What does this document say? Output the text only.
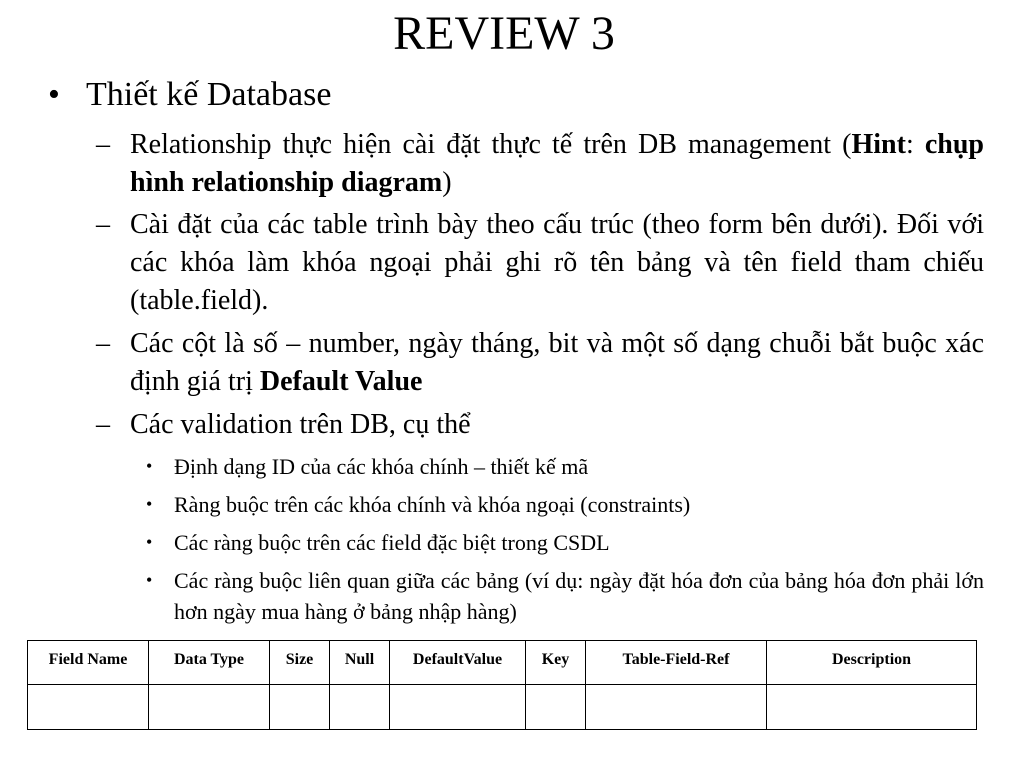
REVIEW 3
• Thiết kế Database
– Relationship thực hiện cài đặt thực tế trên DB management (Hint: chụp hình relationship diagram)
– Cài đặt của các table trình bày theo cấu trúc (theo form bên dưới). Đối với các khóa làm khóa ngoại phải ghi rõ tên bảng và tên field tham chiếu (table.field).
– Các cột là số – number, ngày tháng, bit và một số dạng chuỗi bắt buộc xác định giá trị Default Value
– Các validation trên DB, cụ thể
• Định dạng ID của các khóa chính – thiết kế mã
• Ràng buộc trên các khóa chính và khóa ngoại (constraints)
• Các ràng buộc trên các field đặc biệt trong CSDL
• Các ràng buộc liên quan giữa các bảng (ví dụ: ngày đặt hóa đơn của bảng hóa đơn phải lớn hơn ngày mua hàng ở bảng nhập hàng)
Field Name	Data Type	Size	Null	DefaultValue	Key	Table-Field-Ref	Description
